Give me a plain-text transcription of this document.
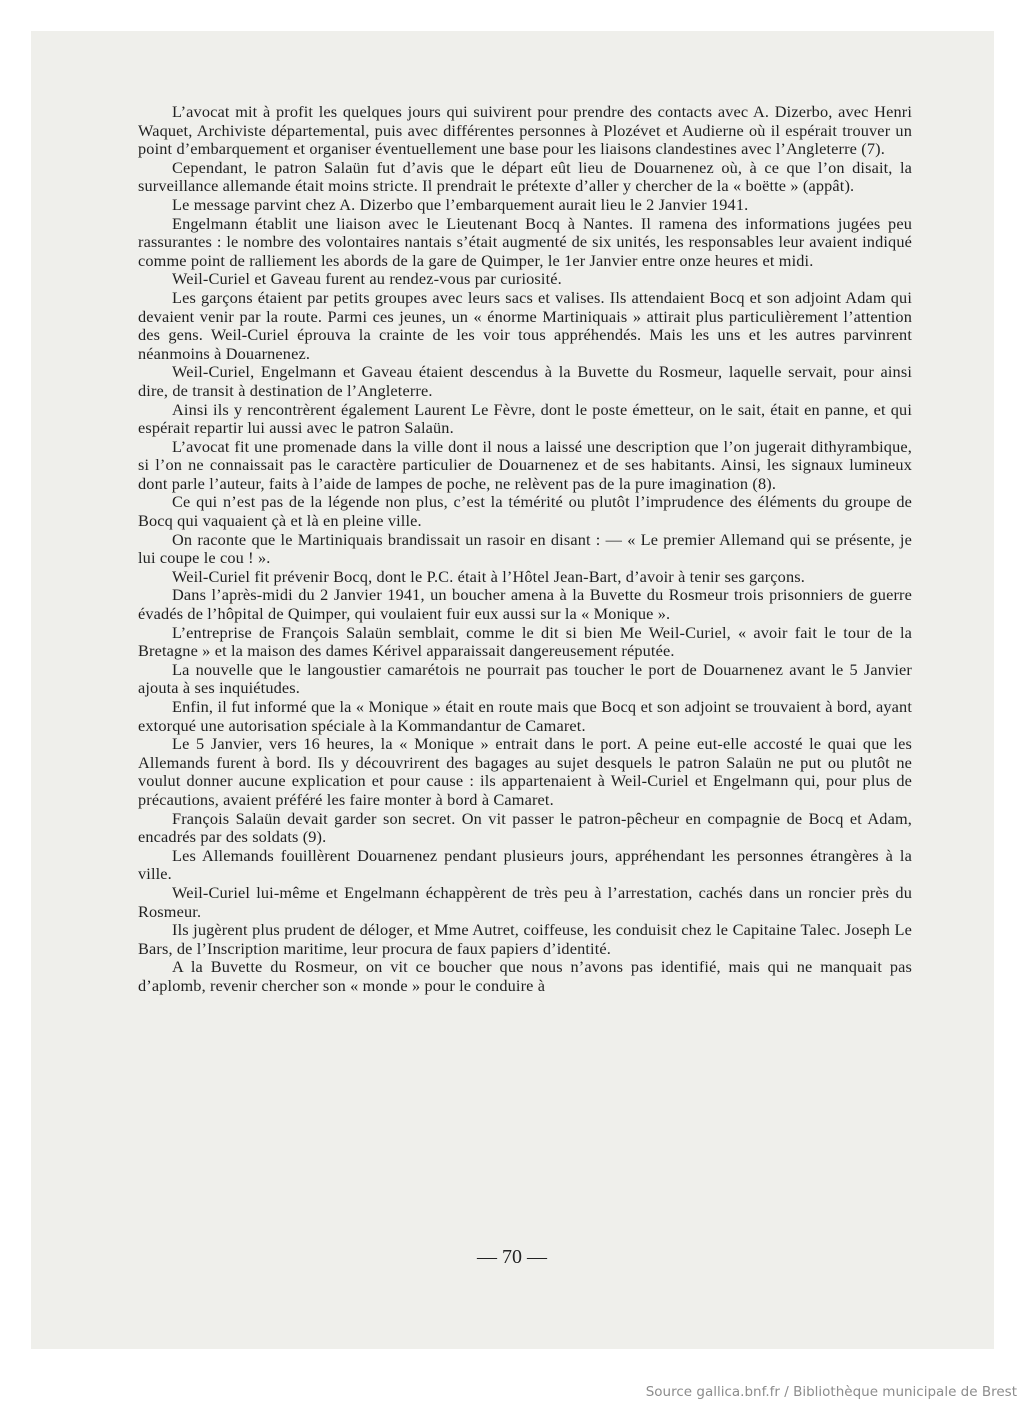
L’avocat mit à profit les quelques jours qui suivirent pour prendre des contacts avec A. Dizerbo, avec Henri Waquet, Archiviste départemental, puis avec différentes personnes à Plozévet et Audierne où il espérait trouver un point d’embarquement et organiser éventuellement une base pour les liaisons clandestines avec l’Angleterre (7).

Cependant, le patron Salaün fut d’avis que le départ eût lieu de Douarnenez où, à ce que l’on disait, la surveillance allemande était moins stricte. Il prendrait le prétexte d’aller y chercher de la « boëtte » (appât).

Le message parvint chez A. Dizerbo que l’embarquement aurait lieu le 2 Janvier 1941.

Engelmann établit une liaison avec le Lieutenant Bocq à Nantes. Il ramena des informations jugées peu rassurantes : le nombre des volontaires nantais s’était augmenté de six unités, les responsables leur avaient indiqué comme point de ralliement les abords de la gare de Quimper, le 1er Janvier entre onze heures et midi.

Weil-Curiel et Gaveau furent au rendez-vous par curiosité.

Les garçons étaient par petits groupes avec leurs sacs et valises. Ils attendaient Bocq et son adjoint Adam qui devaient venir par la route. Parmi ces jeunes, un « énorme Martiniquais » attirait plus particulièrement l’attention des gens. Weil-Curiel éprouva la crainte de les voir tous appréhendés. Mais les uns et les autres parvinrent néanmoins à Douarnenez.

Weil-Curiel, Engelmann et Gaveau étaient descendus à la Buvette du Rosmeur, laquelle servait, pour ainsi dire, de transit à destination de l’Angleterre.

Ainsi ils y rencontrèrent également Laurent Le Fèvre, dont le poste émetteur, on le sait, était en panne, et qui espérait repartir lui aussi avec le patron Salaün.

L’avocat fit une promenade dans la ville dont il nous a laissé une description que l’on jugerait dithyrambique, si l’on ne connaissait pas le caractère particulier de Douarnenez et de ses habitants. Ainsi, les signaux lumineux dont parle l’auteur, faits à l’aide de lampes de poche, ne relèvent pas de la pure imagination (8).

Ce qui n’est pas de la légende non plus, c’est la témérité ou plutôt l’imprudence des éléments du groupe de Bocq qui vaquaient çà et là en pleine ville.

On raconte que le Martiniquais brandissait un rasoir en disant : — « Le premier Allemand qui se présente, je lui coupe le cou ! ».

Weil-Curiel fit prévenir Bocq, dont le P.C. était à l’Hôtel Jean-Bart, d’avoir à tenir ses garçons.

Dans l’après-midi du 2 Janvier 1941, un boucher amena à la Buvette du Rosmeur trois prisonniers de guerre évadés de l’hôpital de Quimper, qui voulaient fuir eux aussi sur la « Monique ».

L’entreprise de François Salaün semblait, comme le dit si bien Me Weil-Curiel, « avoir fait le tour de la Bretagne » et la maison des dames Kérivel apparaissait dangereusement réputée.

La nouvelle que le langoustier camarétois ne pourrait pas toucher le port de Douarnenez avant le 5 Janvier ajouta à ses inquiétudes.

Enfin, il fut informé que la « Monique » était en route mais que Bocq et son adjoint se trouvaient à bord, ayant extorqué une autorisation spéciale à la Kommandantur de Camaret.

Le 5 Janvier, vers 16 heures, la « Monique » entrait dans le port. A peine eut-elle accosté le quai que les Allemands furent à bord. Ils y découvrirent des bagages au sujet desquels le patron Salaün ne put ou plutôt ne voulut donner aucune explication et pour cause : ils appartenaient à Weil-Curiel et Engelmann qui, pour plus de précautions, avaient préféré les faire monter à bord à Camaret.

François Salaün devait garder son secret. On vit passer le patron-pêcheur en compagnie de Bocq et Adam, encadrés par des soldats (9).

Les Allemands fouillèrent Douarnenez pendant plusieurs jours, appréhendant les personnes étrangères à la ville.

Weil-Curiel lui-même et Engelmann échappèrent de très peu à l’arrestation, cachés dans un roncier près du Rosmeur.

Ils jugèrent plus prudent de déloger, et Mme Autret, coiffeuse, les conduisit chez le Capitaine Talec. Joseph Le Bars, de l’Inscription maritime, leur procura de faux papiers d’identité.

A la Buvette du Rosmeur, on vit ce boucher que nous n’avons pas identifié, mais qui ne manquait pas d’aplomb, revenir chercher son « monde » pour le conduire à

— 70 —
Source gallica.bnf.fr / Bibliothèque municipale de Brest
